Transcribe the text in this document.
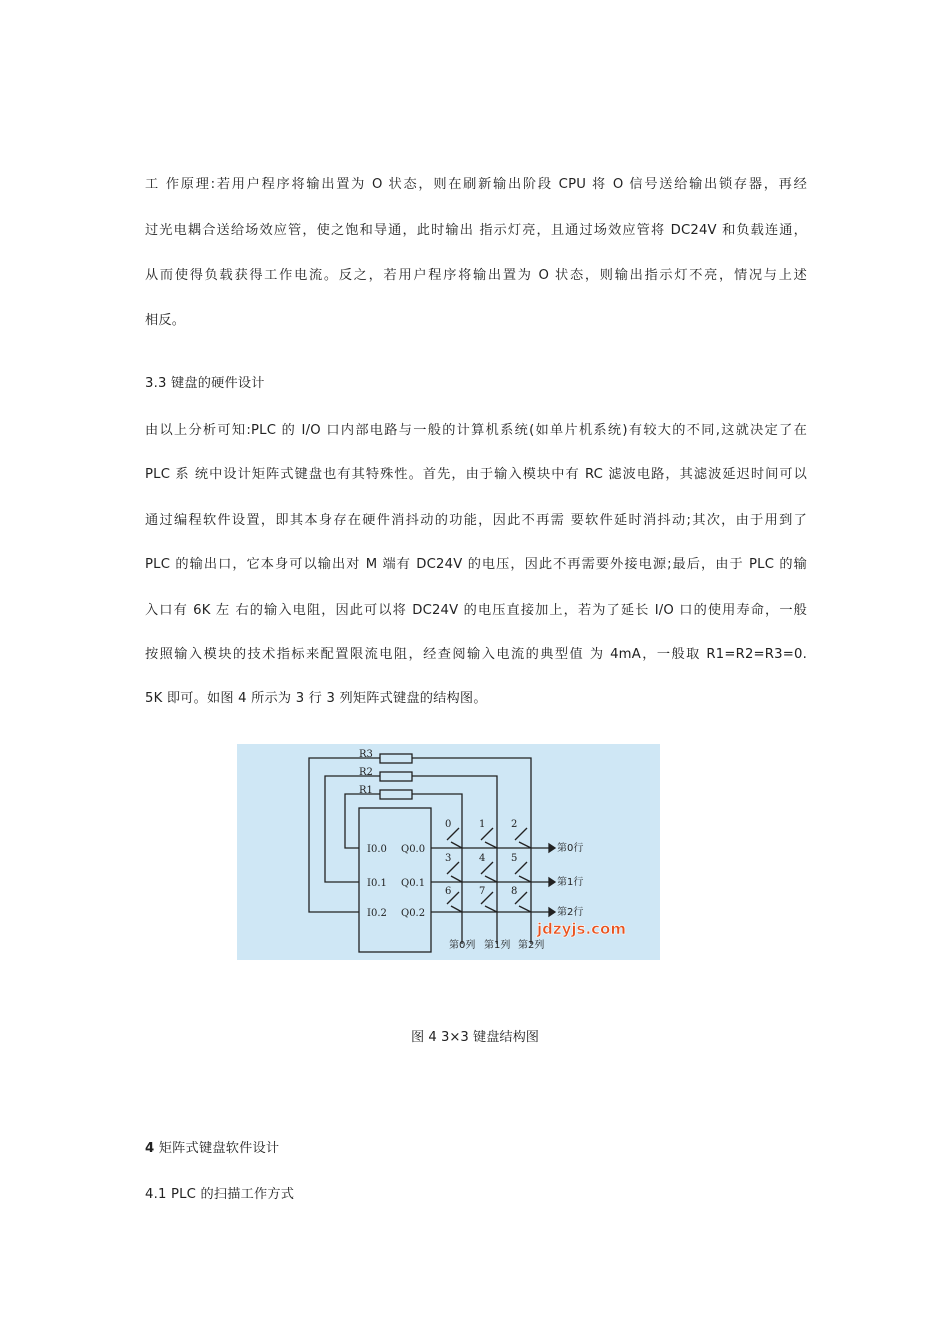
工 作原理:若用户程序将输出置为 O 状态，则在刷新输出阶段 CPU 将 O 信号送给输出锁存器，再经
过光电耦合送给场效应管，使之饱和导通，此时输出 指示灯亮，且通过场效应管将 DC24V 和负载连通，
从而使得负载获得工作电流。反之，若用户程序将输出置为 O 状态，则输出指示灯不亮，情况与上述
相反。
3.3 键盘的硬件设计
由以上分析可知:PLC 的 I/O 口内部电路与一般的计算机系统(如单片机系统)有较大的不同,这就决定了在
PLC 系 统中设计矩阵式键盘也有其特殊性。首先，由于输入模块中有 RC 滤波电路，其滤波延迟时间可以
通过编程软件设置，即其本身存在硬件消抖动的功能，因此不再需 要软件延时消抖动;其次，由于用到了
PLC 的输出口，它本身可以输出对 M 端有 DC24V 的电压，因此不再需要外接电源;最后，由于 PLC 的输
入口有 6K 左 右的输入电阻，因此可以将 DC24V 的电压直接加上，若为了延长 I/O 口的使用寿命，一般
按照输入模块的技术指标来配置限流电阻，经查阅输入电流的典型值 为 4mA，一般取 R1=R2=R3=0.
5K 即可。如图 4 所示为 3 行 3 列矩阵式键盘的结构图。
R3
R2
R1
I0.0
I0.1
I0.2
Q0.0
Q0.1
Q0.2
0	1	2
3	4	5
6	7	8
第0行
第1行
第2行
第0列 第1列 第2列
jdzyjs.com
图 4 3×3 键盘结构图
4 矩阵式键盘软件设计
4.1 PLC 的扫描工作方式
